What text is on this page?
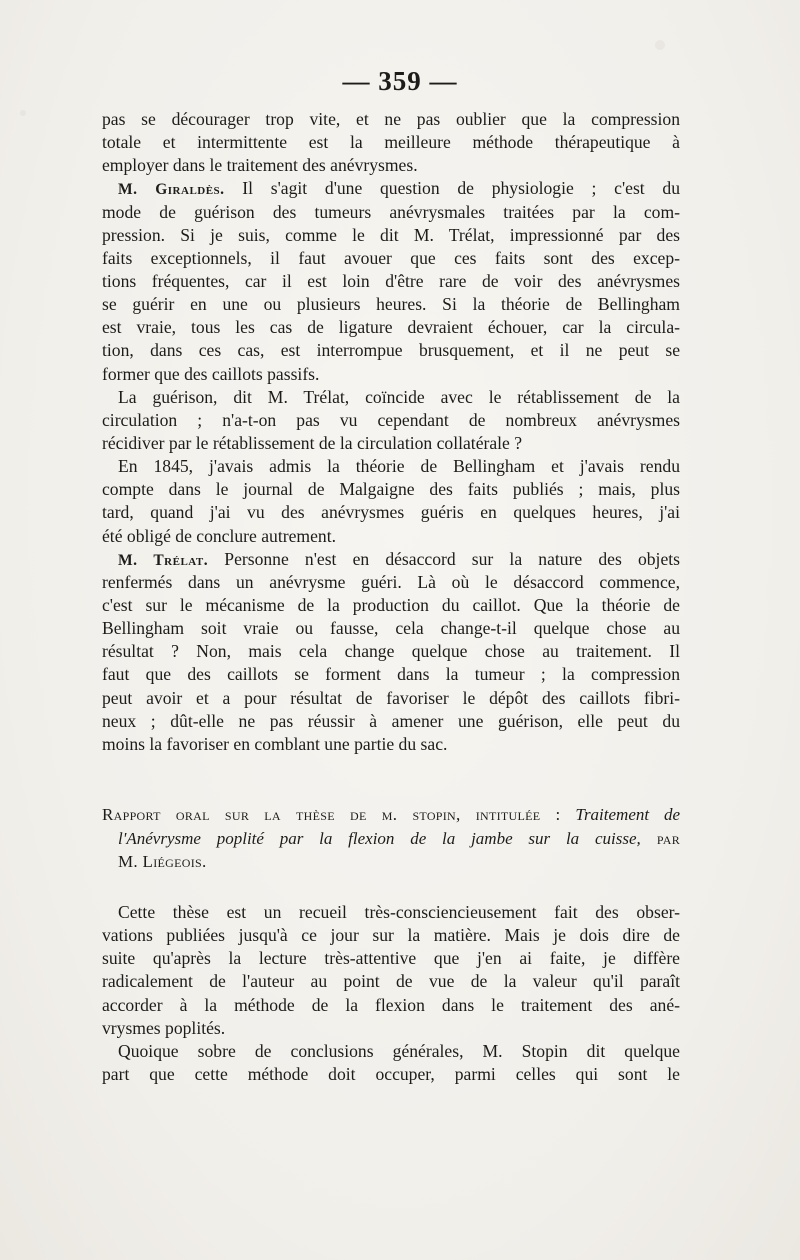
— 359 —
pas se décourager trop vite, et ne pas oublier que la compression
totale et intermittente est la meilleure méthode thérapeutique à
employer dans le traitement des anévrysmes.
M. Giraldès. Il s'agit d'une question de physiologie ; c'est du
mode de guérison des tumeurs anévrysmales traitées par la com-
pression. Si je suis, comme le dit M. Trélat, impressionné par des
faits exceptionnels, il faut avouer que ces faits sont des excep-
tions fréquentes, car il est loin d'être rare de voir des anévrysmes
se guérir en une ou plusieurs heures. Si la théorie de Bellingham
est vraie, tous les cas de ligature devraient échouer, car la circula-
tion, dans ces cas, est interrompue brusquement, et il ne peut se
former que des caillots passifs.
La guérison, dit M. Trélat, coïncide avec le rétablissement de la
circulation ; n'a-t-on pas vu cependant de nombreux anévrysmes
récidiver par le rétablissement de la circulation collatérale ?
En 1845, j'avais admis la théorie de Bellingham et j'avais rendu
compte dans le journal de Malgaigne des faits publiés ; mais, plus
tard, quand j'ai vu des anévrysmes guéris en quelques heures, j'ai
été obligé de conclure autrement.
M. Trélat. Personne n'est en désaccord sur la nature des objets
renfermés dans un anévrysme guéri. Là où le désaccord commence,
c'est sur le mécanisme de la production du caillot. Que la théorie de
Bellingham soit vraie ou fausse, cela change-t-il quelque chose au
résultat ? Non, mais cela change quelque chose au traitement. Il
faut que des caillots se forment dans la tumeur ; la compression
peut avoir et a pour résultat de favoriser le dépôt des caillots fibri-
neux ; dût-elle ne pas réussir à amener une guérison, elle peut du
moins la favoriser en comblant une partie du sac.
Rapport oral sur la thèse de m. stopin, intitulée : Traitement de
l'Anévrysme poplité par la flexion de la jambe sur la cuisse, par
M. Liégeois.
Cette thèse est un recueil très-consciencieusement fait des obser-
vations publiées jusqu'à ce jour sur la matière. Mais je dois dire de
suite qu'après la lecture très-attentive que j'en ai faite, je diffère
radicalement de l'auteur au point de vue de la valeur qu'il paraît
accorder à la méthode de la flexion dans le traitement des ané-
vrysmes poplités.
Quoique sobre de conclusions générales, M. Stopin dit quelque
part que cette méthode doit occuper, parmi celles qui sont le
